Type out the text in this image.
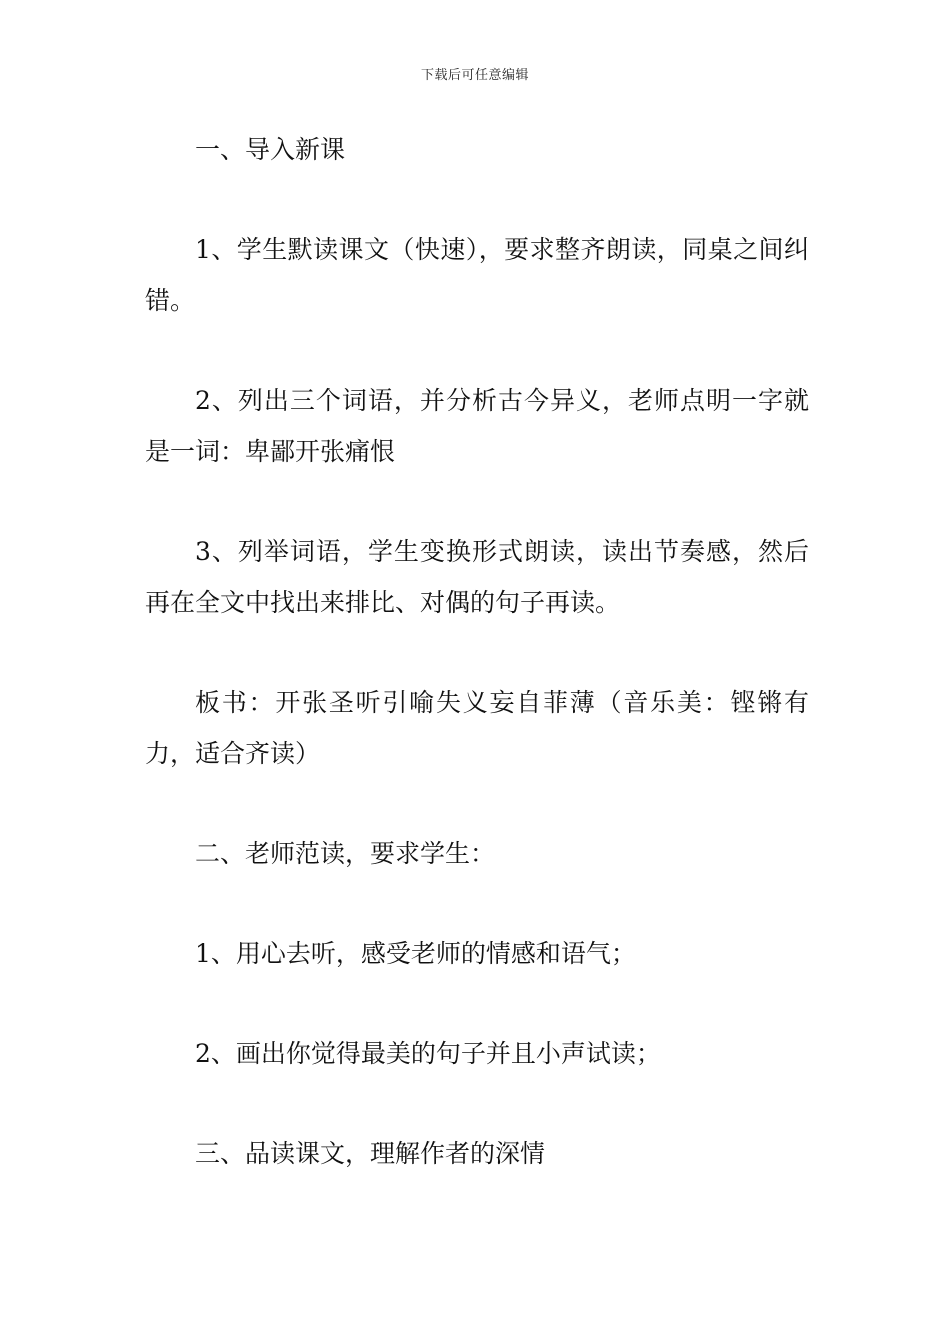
下载后可任意编辑

一、导入新课

1、学生默读课文（快速），要求整齐朗读，同桌之间纠错。

2、列出三个词语，并分析古今异义，老师点明一字就是一词：卑鄙开张痛恨

3、列举词语，学生变换形式朗读，读出节奏感，然后再在全文中找出来排比、对偶的句子再读。

板书：开张圣听引喻失义妄自菲薄（音乐美：铿锵有力，适合齐读）

二、老师范读，要求学生：

1、用心去听，感受老师的情感和语气；

2、画出你觉得最美的句子并且小声试读；

三、品读课文，理解作者的深情
